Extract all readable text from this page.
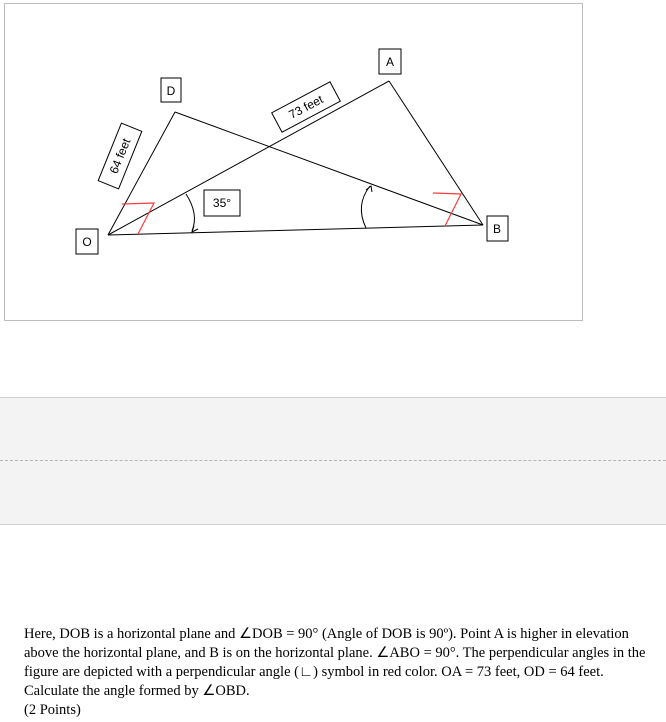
D
A
B
O
35°
64 feet
73 feet

Here, DOB is a horizontal plane and ∠DOB = 90° (Angle of DOB is 90º). Point A is higher in elevation above the horizontal plane, and B is on the horizontal plane. ∠ABO = 90°. The perpendicular angles in the figure are depicted with a perpendicular angle (∟) symbol in red color. OA = 73 feet, OD = 64 feet. Calculate the angle formed by ∠OBD.

(2 Points)
